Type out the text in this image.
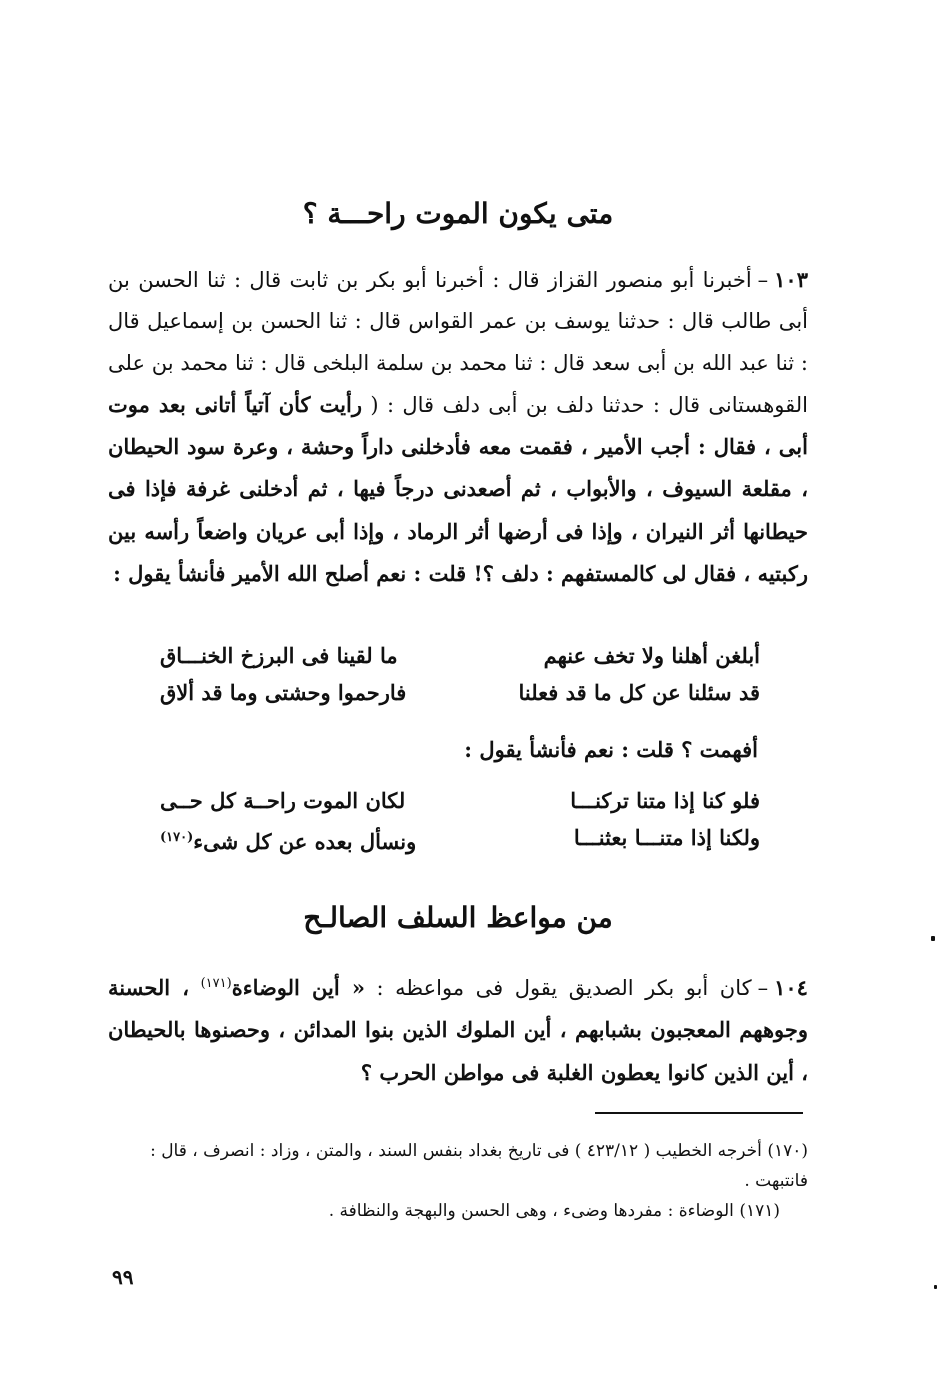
متى يكون الموت راحـــة ؟
١٠٣–أخبرنا أبو منصور القزاز قال : أخبرنا أبو بكر بن ثابت قال : ثنا الحسن بن أبى طالب قال : حدثنا يوسف بن عمر القواس قال : ثنا الحسن بن إسماعيل قال : ثنا عبد الله بن أبى سعد قال : ثنا محمد بن سلمة البلخى قال : ثنا محمد بن على القوهستانى قال : حدثنا دلف بن أبى دلف قال : ( رأيت كأن آتياً أتانى بعد موت أبى ، فقال : أجب الأمير ، فقمت معه فأدخلنى داراً وحشة ، وعرة سود الحيطان ، مقلعة السيوف ، والأبواب ، ثم أصعدنى درجاً فيها ، ثم أدخلنى غرفة فإذا فى حيطانها أثر النيران ، وإذا فى أرضها أثر الرماد ، وإذا أبى عريان واضعاً رأسه بين ركبتيه ، فقال لى كالمستفهم : دلف ؟! قلت : نعم أصلح الله الأمير فأنشأ يقول :
أبلغن أهلنا ولا تخف عنهم
ما لقينا فى البرزخ الخنـــاق
قد سئلنا عن كل ما قد فعلنا
فارحموا وحشتى وما قد ألاق
أفهمت ؟ قلت : نعم فأنشأ يقول :
فلو كنا إذا متنا تركنـــا
لكان الموت راحــة كل حــى
ولكنا إذا متنـــا بعثنـــا
ونسأل بعده عن كل شىء$^{(١٧٠)}$
من مواعظ السلف الصالـح
١٠٤–كان أبو بكر الصديق يقول فى مواعظه : « أين الوضاءة$^{(١٧١)}$ ، الحسنة وجوههم المعجبون بشبابهم ، أين الملوك الذين بنوا المدائن ، وحصنوها بالحيطان ، أين الذين كانوا يعطون الغلبة فى مواطن الحرب ؟

(١٧٠) أخرجه الخطيب ( ٤٢٣/١٢ ) فى تاريخ بغداد بنفس السند ، والمتن ، وزاد : انصرف ، قال : فانتبهت .

(١٧١) الوضاءة : مفردها وضىء ، وهى الحسن والبهجة والنظافة .

٩٩
